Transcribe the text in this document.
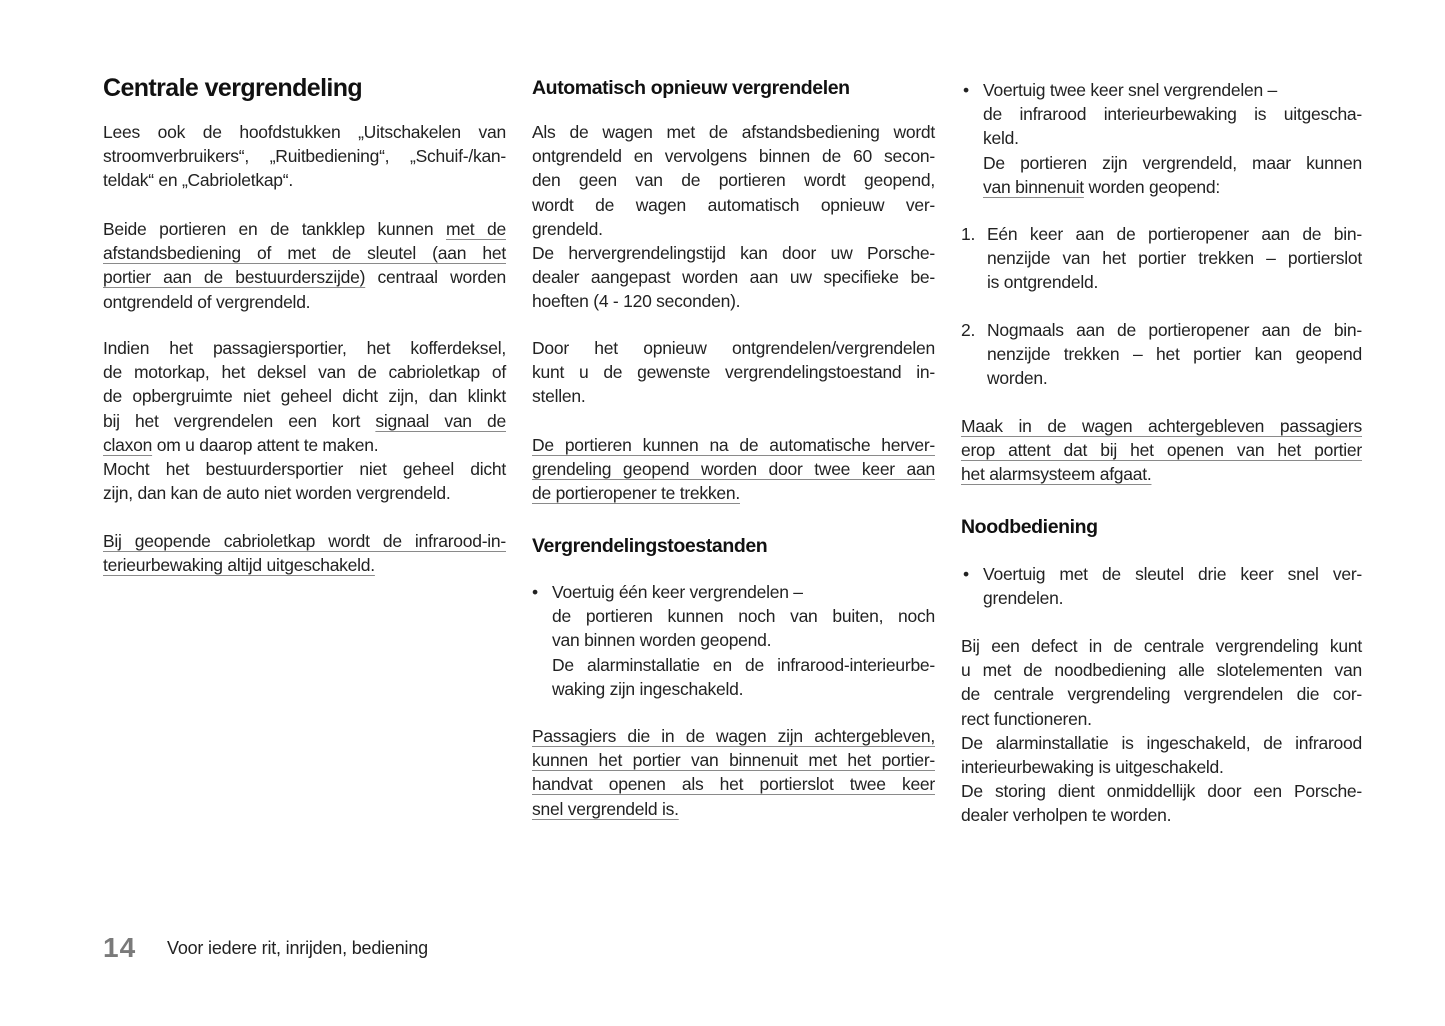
Centrale vergrendeling
Lees ook de hoofdstukken „Uitschakelen van
stroomverbruikers“, „Ruitbediening“, „Schuif-/kan-
teldak“ en „Cabrioletkap“.
Beide portieren en de tankklep kunnen met de
afstandsbediening of met de sleutel (aan het
portier aan de bestuurderszijde) centraal worden
ontgrendeld of vergrendeld.
Indien het passagiersportier, het kofferdeksel,
de motorkap, het deksel van de cabrioletkap of
de opbergruimte niet geheel dicht zijn, dan klinkt
bij het vergrendelen een kort signaal van de
claxon om u daarop attent te maken.
Mocht het bestuurdersportier niet geheel dicht
zijn, dan kan de auto niet worden vergrendeld.
Bij geopende cabrioletkap wordt de infrarood-in-
terieurbewaking altijd uitgeschakeld.
Automatisch opnieuw vergrendelen
Als de wagen met de afstandsbediening wordt
ontgrendeld en vervolgens binnen de 60 secon-
den geen van de portieren wordt geopend,
wordt de wagen automatisch opnieuw ver-
grendeld.
De hervergrendelingstijd kan door uw Porsche-
dealer aangepast worden aan uw specifieke be-
hoeften (4 - 120 seconden).
Door het opnieuw ontgrendelen/vergrendelen
kunt u de gewenste vergrendelingstoestand in-
stellen.
De portieren kunnen na de automatische herver-
grendeling geopend worden door twee keer aan
de portieropener te trekken.
Vergrendelingstoestanden
• Voertuig één keer vergrendelen –
de portieren kunnen noch van buiten, noch
van binnen worden geopend.
De alarminstallatie en de infrarood-interieurbe-
waking zijn ingeschakeld.
Passagiers die in de wagen zijn achtergebleven,
kunnen het portier van binnenuit met het portier-
handvat openen als het portierslot twee keer
snel vergrendeld is.
• Voertuig twee keer snel vergrendelen –
de infrarood interieurbewaking is uitgescha-
keld.
De portieren zijn vergrendeld, maar kunnen
van binnenuit worden geopend:
1. Eén keer aan de portieropener aan de bin-
nenzijde van het portier trekken – portierslot
is ontgrendeld.
2. Nogmaals aan de portieropener aan de bin-
nenzijde trekken – het portier kan geopend
worden.
Maak in de wagen achtergebleven passagiers
erop attent dat bij het openen van het portier
het alarmsysteem afgaat.
Noodbediening
• Voertuig met de sleutel drie keer snel ver-
grendelen.
Bij een defect in de centrale vergrendeling kunt
u met de noodbediening alle slotelementen van
de centrale vergrendeling vergrendelen die cor-
rect functioneren.
De alarminstallatie is ingeschakeld, de infrarood
interieurbewaking is uitgeschakeld.
De storing dient onmiddellijk door een Porsche-
dealer verholpen te worden.
14 Voor iedere rit, inrijden, bediening
